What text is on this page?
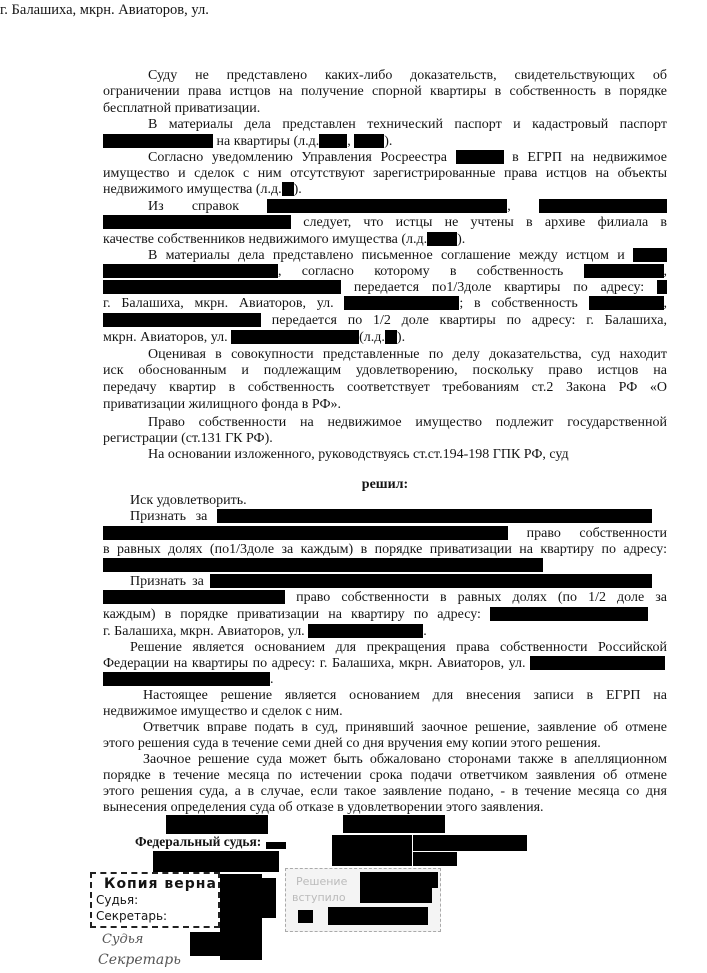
г. Балашиха, мкрн. Авиаторов, ул.
Суду не представлено каких-либо доказательств, свидетельствующих об
ограничении права истцов на получение спорной квартиры в собственность в порядке
бесплатной приватизации.
В материалы дела представлен технический паспорт и кадастровый паспорт
на квартиры (л.д. , ).
Согласно уведомлению Управления Росреестра	в ЕГРП на недвижимое
имущество и сделок с ним отсутствуют зарегистрированные права истцов на объекты
недвижимого имущества (л.д. ).
Из справок	,
следует, что истцы не учтены в архиве филиала в
качестве собственников недвижимого имущества (л.д. ).
В материалы дела представлено письменное соглашение между истцом и
, согласно которому в собственность	,
передается по1/3доле квартиры по адресу:
г. Балашиха, мкрн. Авиаторов, ул.	; в собственность	,
передается по 1/2 доле квартиры по адресу: г. Балашиха,
мкрн. Авиаторов, ул.	(л.д. ).
Оценивая в совокупности представленные по делу доказательства, суд находит
иск обоснованным и подлежащим удовлетворению, поскольку право истцов на
передачу квартир в собственность соответствует требованиям ст.2 Закона РФ «О
приватизации жилищного фонда в РФ».
Право собственности на недвижимое имущество подлежит государственной
регистрации (ст.131 ГК РФ).
На основании изложенного, руководствуясь ст.ст.194-198 ГПК РФ, суд
решил:
Иск удовлетворить.
Признать за
право собственности
в равных долях (по1/3доле за каждым) в порядке приватизации на квартиру по адресу:
Признать за
право собственности в равных долях (по 1/2 доле за
каждым) в порядке приватизации на квартиру по адресу:
г. Балашиха, мкрн. Авиаторов, ул.	.
Решение является основанием для прекращения права собственности Российской
Федерации на квартиры по адресу: г. Балашиха, мкрн. Авиаторов, ул.
.
Настоящее решение является основанием для внесения записи в ЕГРП на
недвижимое имущество и сделок с ним.
Ответчик вправе подать в суд, принявший заочное решение, заявление об отмене
этого решения суда в течение семи дней со дня вручения ему копии этого решения.
Заочное решение суда может быть обжаловано сторонами также в апелляционном
порядке в течение месяца по истечении срока подачи ответчиком заявления об отмене
этого решения суда, а в случае, если такое заявление подано, - в течение месяца со дня
вынесения определения суда об отказе в удовлетворении этого заявления.
Федеральный судья:
Копия верна
Судья:
Секретарь:
Решение
вступило
Судья
Секретарь
